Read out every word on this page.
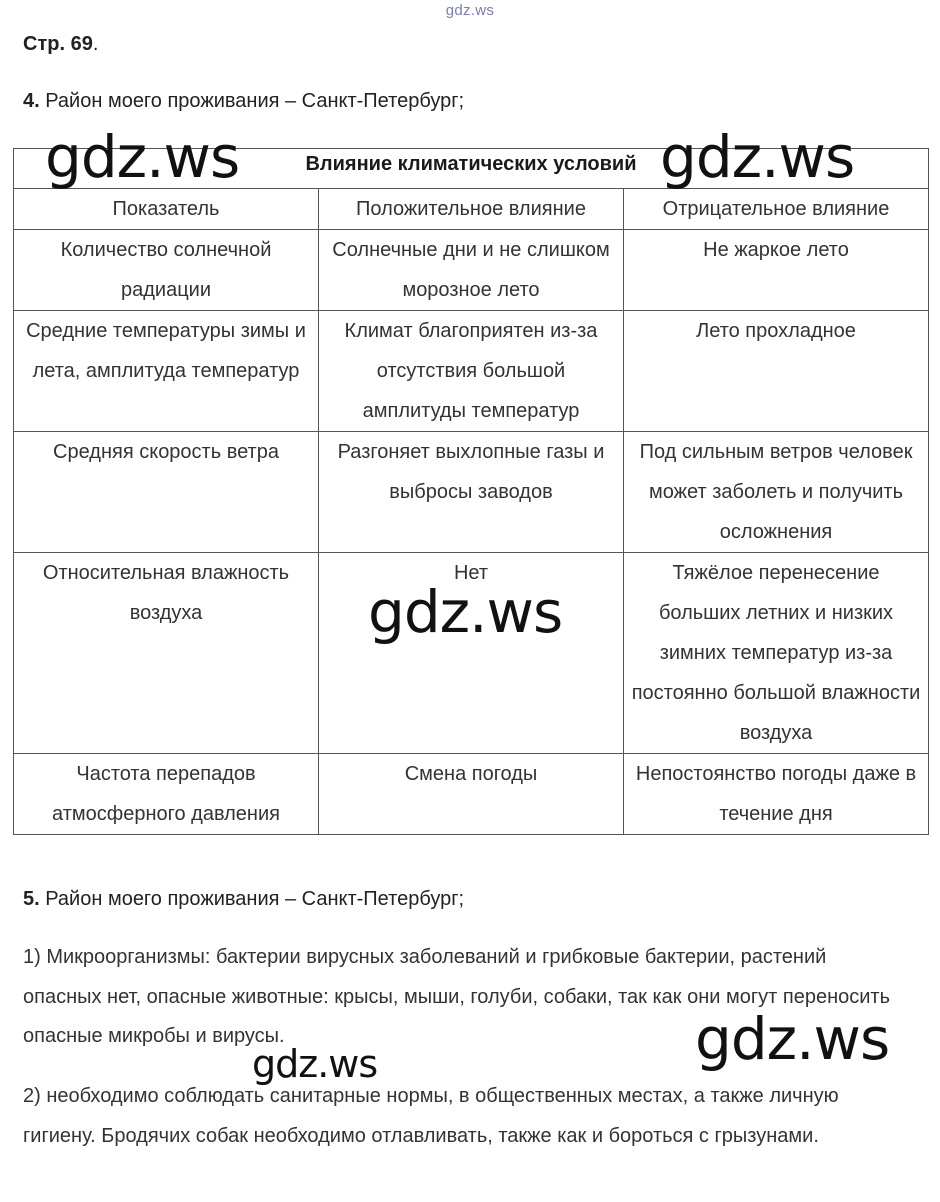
gdz.ws
Стр. 69.
4. Район моего проживания – Санкт-Петербург;
Влияние климатических условий		
Показатель	Положительное влияние	Отрицательное влияние
Количество солнечной радиации	Солнечные дни и не слишком морозное лето	Не жаркое лето
Средние температуры зимы и лета, амплитуда температур	Климат благоприятен из-за отсутствия большой амплитуды температур	Лето прохладное
Средняя скорость ветра	Разгоняет выхлопные газы и выбросы заводов	Под сильным ветров человек может заболеть и получить осложнения
Относительная влажность воздуха	Нет	Тяжёлое перенесение больших летних и низких зимних температур из-за постоянно большой влажности воздуха
Частота перепадов атмосферного давления	Смена погоды	Непостоянство погоды даже в течение дня
5. Район моего проживания – Санкт-Петербург;
1) Микроорганизмы: бактерии вирусных заболеваний и грибковые бактерии, растений опасных нет, опасные животные: крысы, мыши, голуби, собаки, так как они могут переносить опасные микробы и вирусы.
2) необходимо соблюдать санитарные нормы, в общественных местах, а также личную гигиену. Бродячих собак необходимо отлавливать, также как и бороться с грызунами.
gdz.ws	gdz.ws
gdz.ws
gdz.ws
gdz.ws
